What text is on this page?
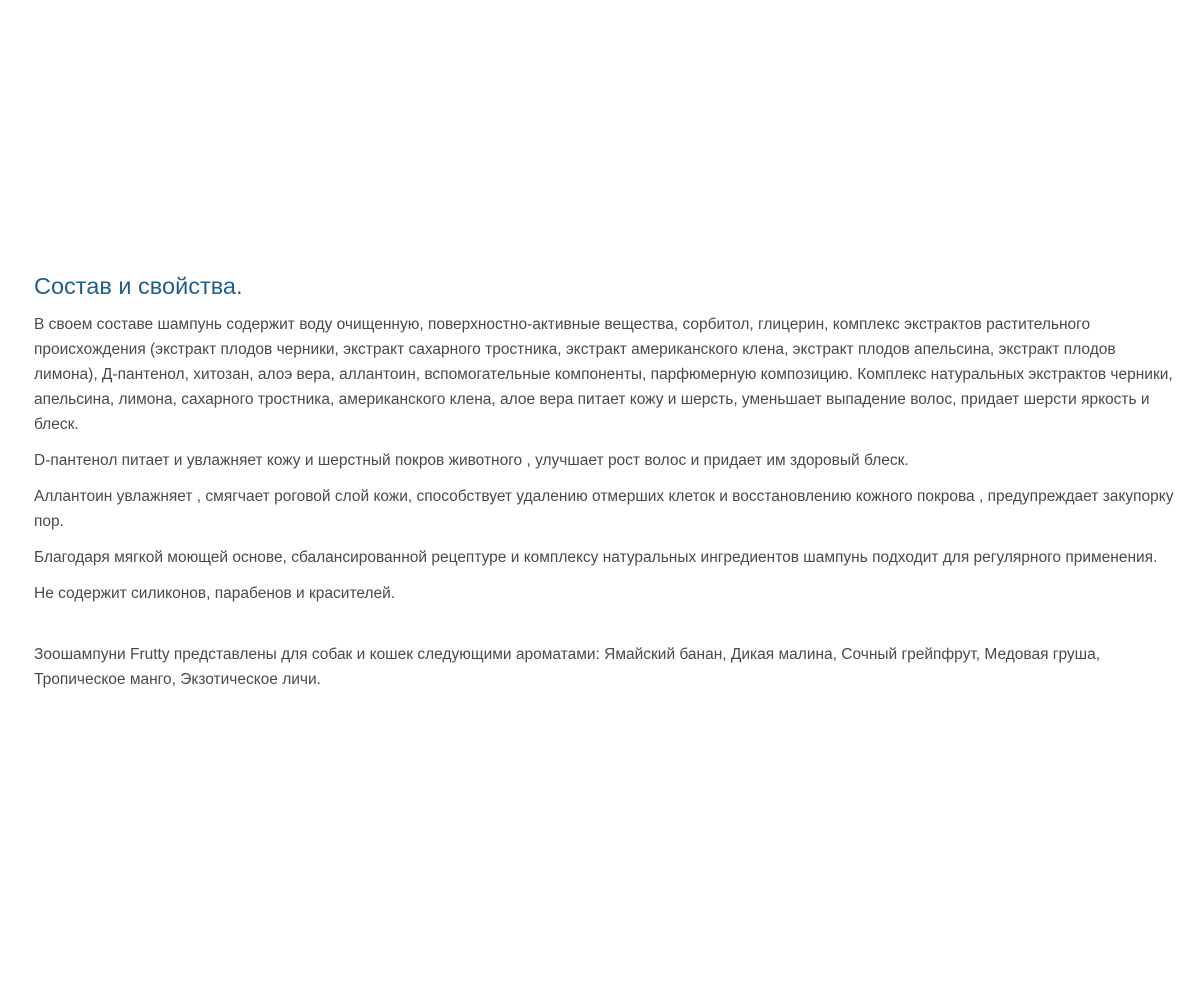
Состав и свойства.

В своем составе шампунь содержит воду очищенную, поверхностно-активные вещества, сорбитол, глицерин, комплекс экстрактов растительного происхождения (экстракт плодов черники, экстракт сахарного тростника, экстракт американского клена, экстракт плодов апельсина, экстракт плодов лимона), Д-пантенол, хитозан, алоэ вера, аллантоин, вспомогательные компоненты, парфюмерную композицию. Комплекс натуральных экстрактов черники, апельсина, лимона, сахарного тростника, американского клена, алое вера питает кожу и шерсть, уменьшает выпадение волос, придает шерсти яркость и блеск.

D-пантенол питает и увлажняет кожу и шерстный покров животного , улучшает рост волос и придает им здоровый блеск.

Аллантоин увлажняет , смягчает роговой слой кожи, способствует удалению отмерших клеток и восстановлению кожного покрова , предупреждает закупорку пор.

Благодаря мягкой моющей основе, сбалансированной рецептуре и комплексу натуральных ингредиентов шампунь подходит для регулярного применения.

Не содержит силиконов, парабенов и красителей.

Зоошампуни Frutty представлены для собак и кошек следующими ароматами: Ямайский банан, Дикая малина, Сочный грейпфрут, Медовая груша, Тропическое манго, Экзотическое личи.
